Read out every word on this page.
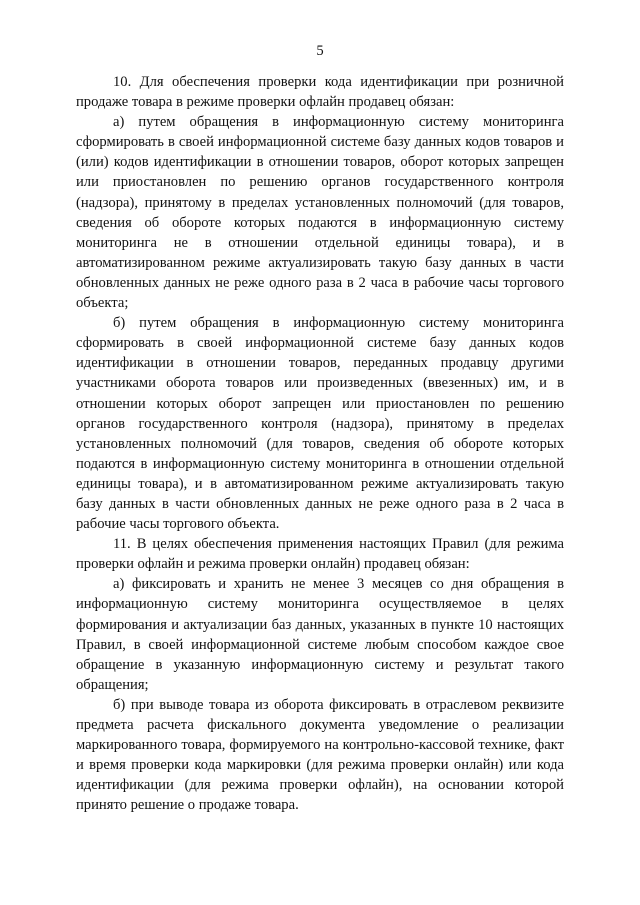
5

10. Для обеспечения проверки кода идентификации при розничной продаже товара в режиме проверки офлайн продавец обязан:

а) путем обращения в информационную систему мониторинга сформировать в своей информационной системе базу данных кодов товаров и (или) кодов идентификации в отношении товаров, оборот которых запрещен или приостановлен по решению органов государственного контроля (надзора), принятому в пределах установленных полномочий (для товаров, сведения об обороте которых подаются в информационную систему мониторинга не в отношении отдельной единицы товара), и в автоматизированном режиме актуализировать такую базу данных в части обновленных данных не реже одного раза в 2 часа в рабочие часы торгового объекта;

б) путем обращения в информационную систему мониторинга сформировать в своей информационной системе базу данных кодов идентификации в отношении товаров, переданных продавцу другими участниками оборота товаров или произведенных (ввезенных) им, и в отношении которых оборот запрещен или приостановлен по решению органов государственного контроля (надзора), принятому в пределах установленных полномочий (для товаров, сведения об обороте которых подаются в информационную систему мониторинга в отношении отдельной единицы товара), и в автоматизированном режиме актуализировать такую базу данных в части обновленных данных не реже одного раза в 2 часа в рабочие часы торгового объекта.

11. В целях обеспечения применения настоящих Правил (для режима проверки офлайн и режима проверки онлайн) продавец обязан:

а) фиксировать и хранить не менее 3 месяцев со дня обращения в информационную систему мониторинга осуществляемое в целях формирования и актуализации баз данных, указанных в пункте 10 настоящих Правил, в своей информационной системе любым способом каждое свое обращение в указанную информационную систему и результат такого обращения;

б) при выводе товара из оборота фиксировать в отраслевом реквизите предмета расчета фискального документа уведомление о реализации маркированного товара, формируемого на контрольно-кассовой технике, факт и время проверки кода маркировки (для режима проверки онлайн) или кода идентификации (для режима проверки офлайн), на основании которой принято решение о продаже товара.
